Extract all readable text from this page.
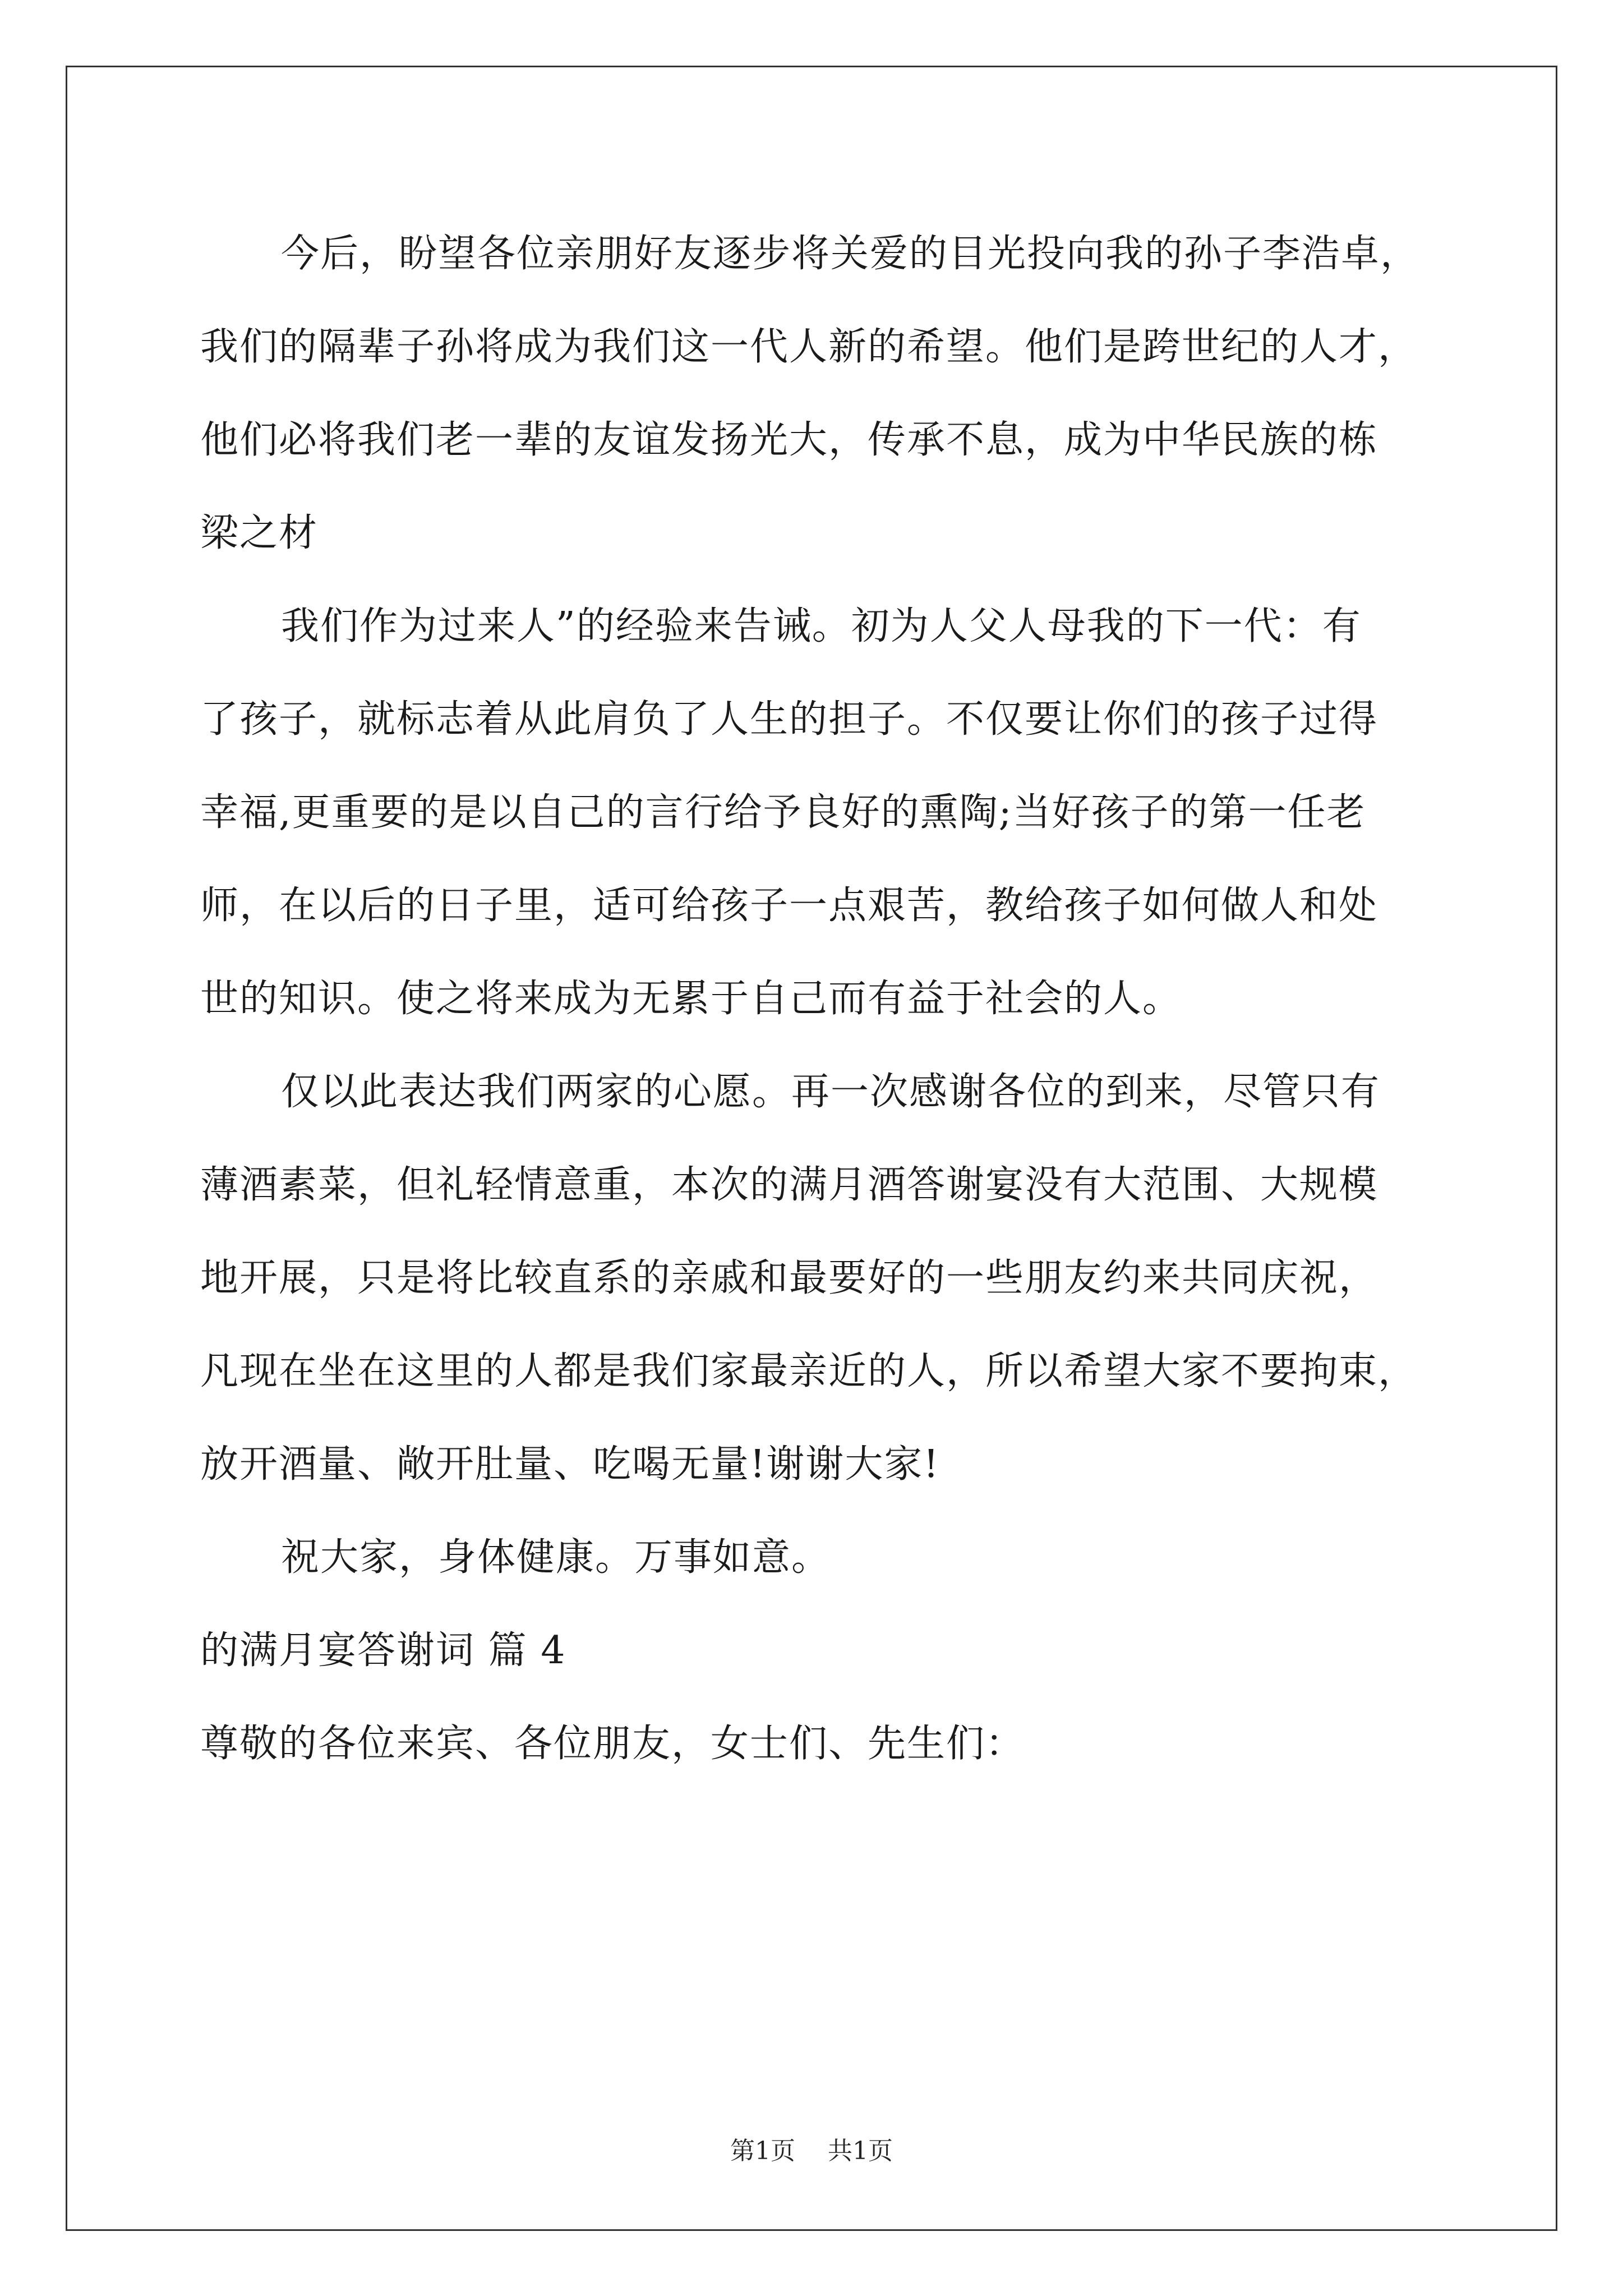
今后，盼望各位亲朋好友逐步将关爱的目光投向我的孙子李浩卓，
我们的隔辈子孙将成为我们这一代人新的希望。他们是跨世纪的人才，
他们必将我们老一辈的友谊发扬光大，传承不息，成为中华民族的栋
梁之材
我们作为过来人”的经验来告诫。初为人父人母我的下一代：有
了孩子，就标志着从此肩负了人生的担子。不仅要让你们的孩子过得
幸福,更重要的是以自己的言行给予良好的熏陶;当好孩子的第一任老
师，在以后的日子里，适可给孩子一点艰苦，教给孩子如何做人和处
世的知识。使之将来成为无累于自己而有益于社会的人。
仅以此表达我们两家的心愿。再一次感谢各位的到来，尽管只有
薄酒素菜，但礼轻情意重，本次的满月酒答谢宴没有大范围、大规模
地开展，只是将比较直系的亲戚和最要好的一些朋友约来共同庆祝，
凡现在坐在这里的人都是我们家最亲近的人，所以希望大家不要拘束，
放开酒量、敞开肚量、吃喝无量!谢谢大家!
祝大家，身体健康。万事如意。
的满月宴答谢词 篇 4
尊敬的各位来宾、各位朋友，女士们、先生们：
第1页 共1页
